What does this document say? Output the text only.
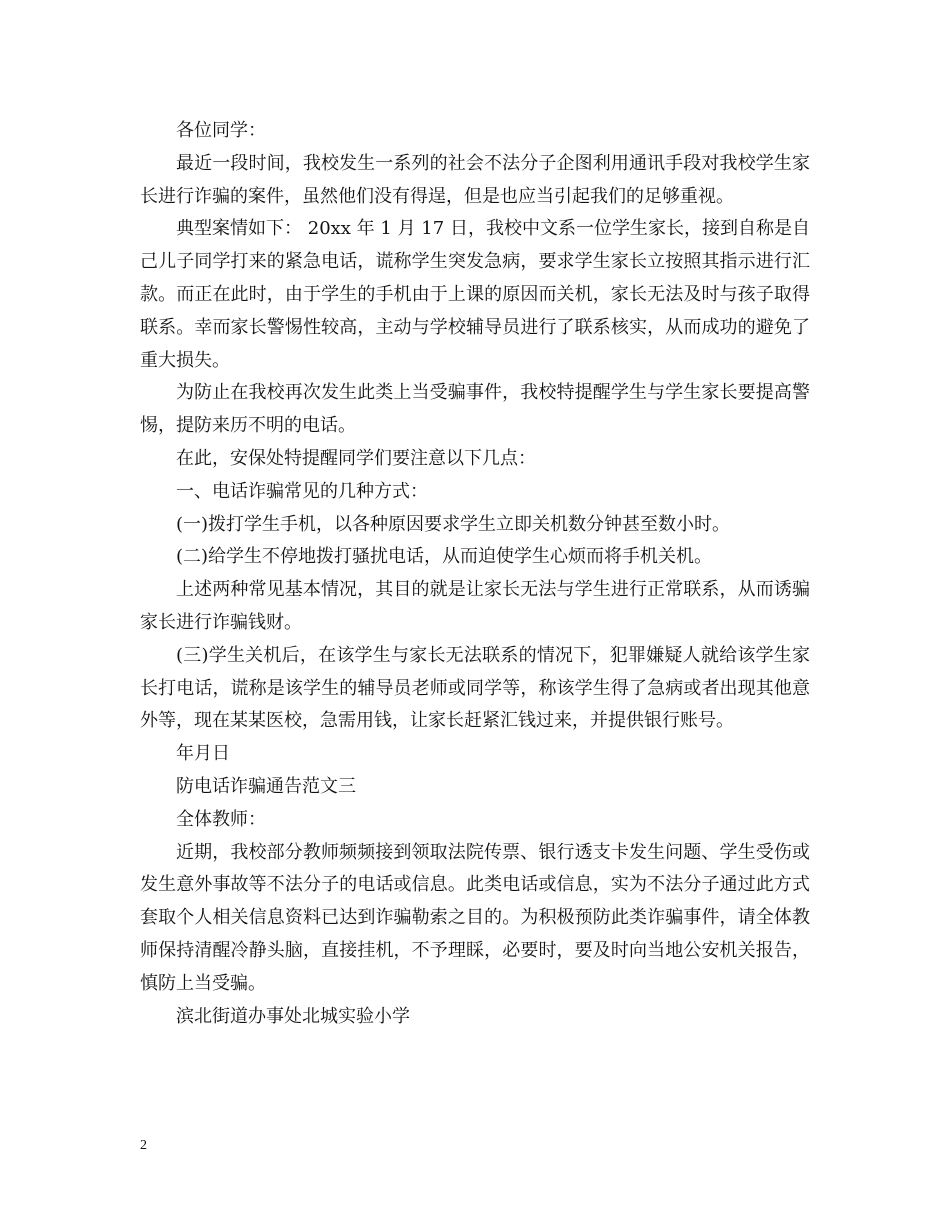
各位同学：

最近一段时间，我校发生一系列的社会不法分子企图利用通讯手段对我校学生家长进行诈骗的案件，虽然他们没有得逞，但是也应当引起我们的足够重视。

典型案情如下： 20xx 年 1 月 17 日，我校中文系一位学生家长，接到自称是自己儿子同学打来的紧急电话，谎称学生突发急病，要求学生家长立按照其指示进行汇款。而正在此时，由于学生的手机由于上课的原因而关机，家长无法及时与孩子取得联系。幸而家长警惕性较高，主动与学校辅导员进行了联系核实，从而成功的避免了重大损失。

为防止在我校再次发生此类上当受骗事件，我校特提醒学生与学生家长要提高警惕，提防来历不明的电话。

在此，安保处特提醒同学们要注意以下几点：

一、电话诈骗常见的几种方式：

(一)拨打学生手机，以各种原因要求学生立即关机数分钟甚至数小时。

(二)给学生不停地拨打骚扰电话，从而迫使学生心烦而将手机关机。

上述两种常见基本情况，其目的就是让家长无法与学生进行正常联系，从而诱骗家长进行诈骗钱财。

(三)学生关机后，在该学生与家长无法联系的情况下，犯罪嫌疑人就给该学生家长打电话，谎称是该学生的辅导员老师或同学等，称该学生得了急病或者出现其他意外等，现在某某医校，急需用钱，让家长赶紧汇钱过来，并提供银行账号。

年月日

防电话诈骗通告范文三

全体教师：

近期，我校部分教师频频接到领取法院传票、银行透支卡发生问题、学生受伤或发生意外事故等不法分子的电话或信息。此类电话或信息，实为不法分子通过此方式套取个人相关信息资料已达到诈骗勒索之目的。为积极预防此类诈骗事件，请全体教师保持清醒冷静头脑，直接挂机，不予理睬，必要时，要及时向当地公安机关报告，慎防上当受骗。

滨北街道办事处北城实验小学

2
